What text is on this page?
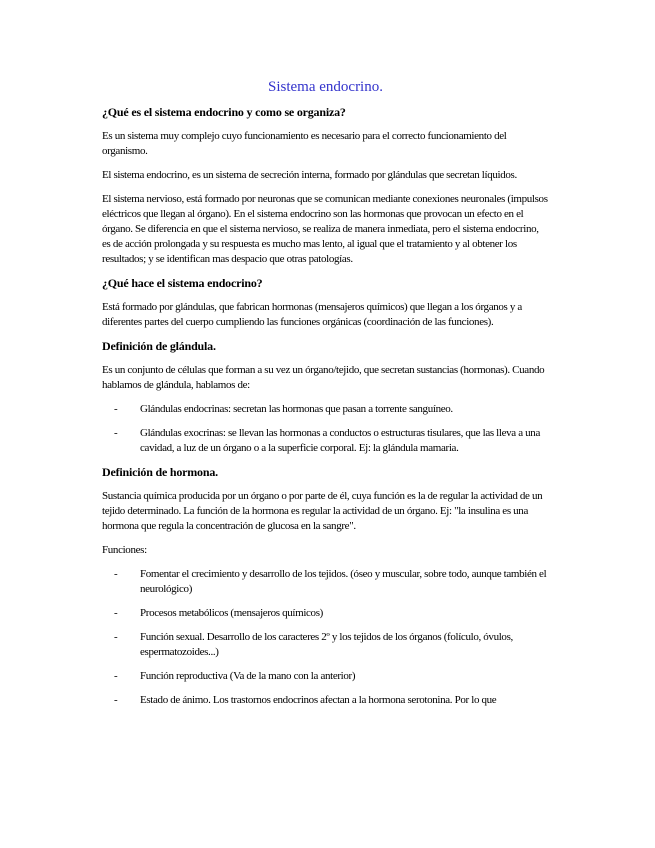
Sistema endocrino.
¿Qué es el sistema endocrino y como se organiza?

Es un sistema muy complejo cuyo funcionamiento es necesario para el correcto funcionamiento del organismo.

El sistema endocrino, es un sistema de secreción interna, formado por glándulas que secretan líquidos.

El sistema nervioso, está formado por neuronas que se comunican mediante conexiones neuronales (impulsos eléctricos que llegan al órgano). En el sistema endocrino son las hormonas que provocan un efecto en el órgano. Se diferencia en que el sistema nervioso, se realiza de manera inmediata, pero el sistema endocrino, es de acción prolongada y su respuesta es mucho mas lento, al igual que el tratamiento y al obtener los resultados; y se identifican mas despacio que otras patologías.

¿Qué hace el sistema endocrino?

Está formado por glándulas, que fabrican hormonas (mensajeros químicos) que llegan a los órganos y a diferentes partes del cuerpo cumpliendo las funciones orgánicas (coordinación de las funciones).

Definición de glándula.

Es un conjunto de células que forman a su vez un órgano/tejido, que secretan sustancias (hormonas). Cuando hablamos de glándula, hablamos de:

- Glándulas endocrinas: secretan las hormonas que pasan a torrente sanguíneo.
- Glándulas exocrinas: se llevan las hormonas a conductos o estructuras tisulares, que las lleva a una cavidad, a luz de un órgano o a la superficie corporal. Ej: la glándula mamaria.
Definición de hormona.

Sustancia química producida por un órgano o por parte de él, cuya función es la de regular la actividad de un tejido determinado. La función de la hormona es regular la actividad de un órgano. Ej: "la insulina es una hormona que regula la concentración de glucosa en la sangre".

Funciones:

- Fomentar el crecimiento y desarrollo de los tejidos. (óseo y muscular, sobre todo, aunque también el neurológico)
- Procesos metabólicos (mensajeros químicos)
- Función sexual. Desarrollo de los caracteres 2º y los tejidos de los órganos (folículo, óvulos, espermatozoides...)
- Función reproductiva (Va de la mano con la anterior)
- Estado de ánimo. Los trastornos endocrinos afectan a la hormona serotonina. Por lo que
